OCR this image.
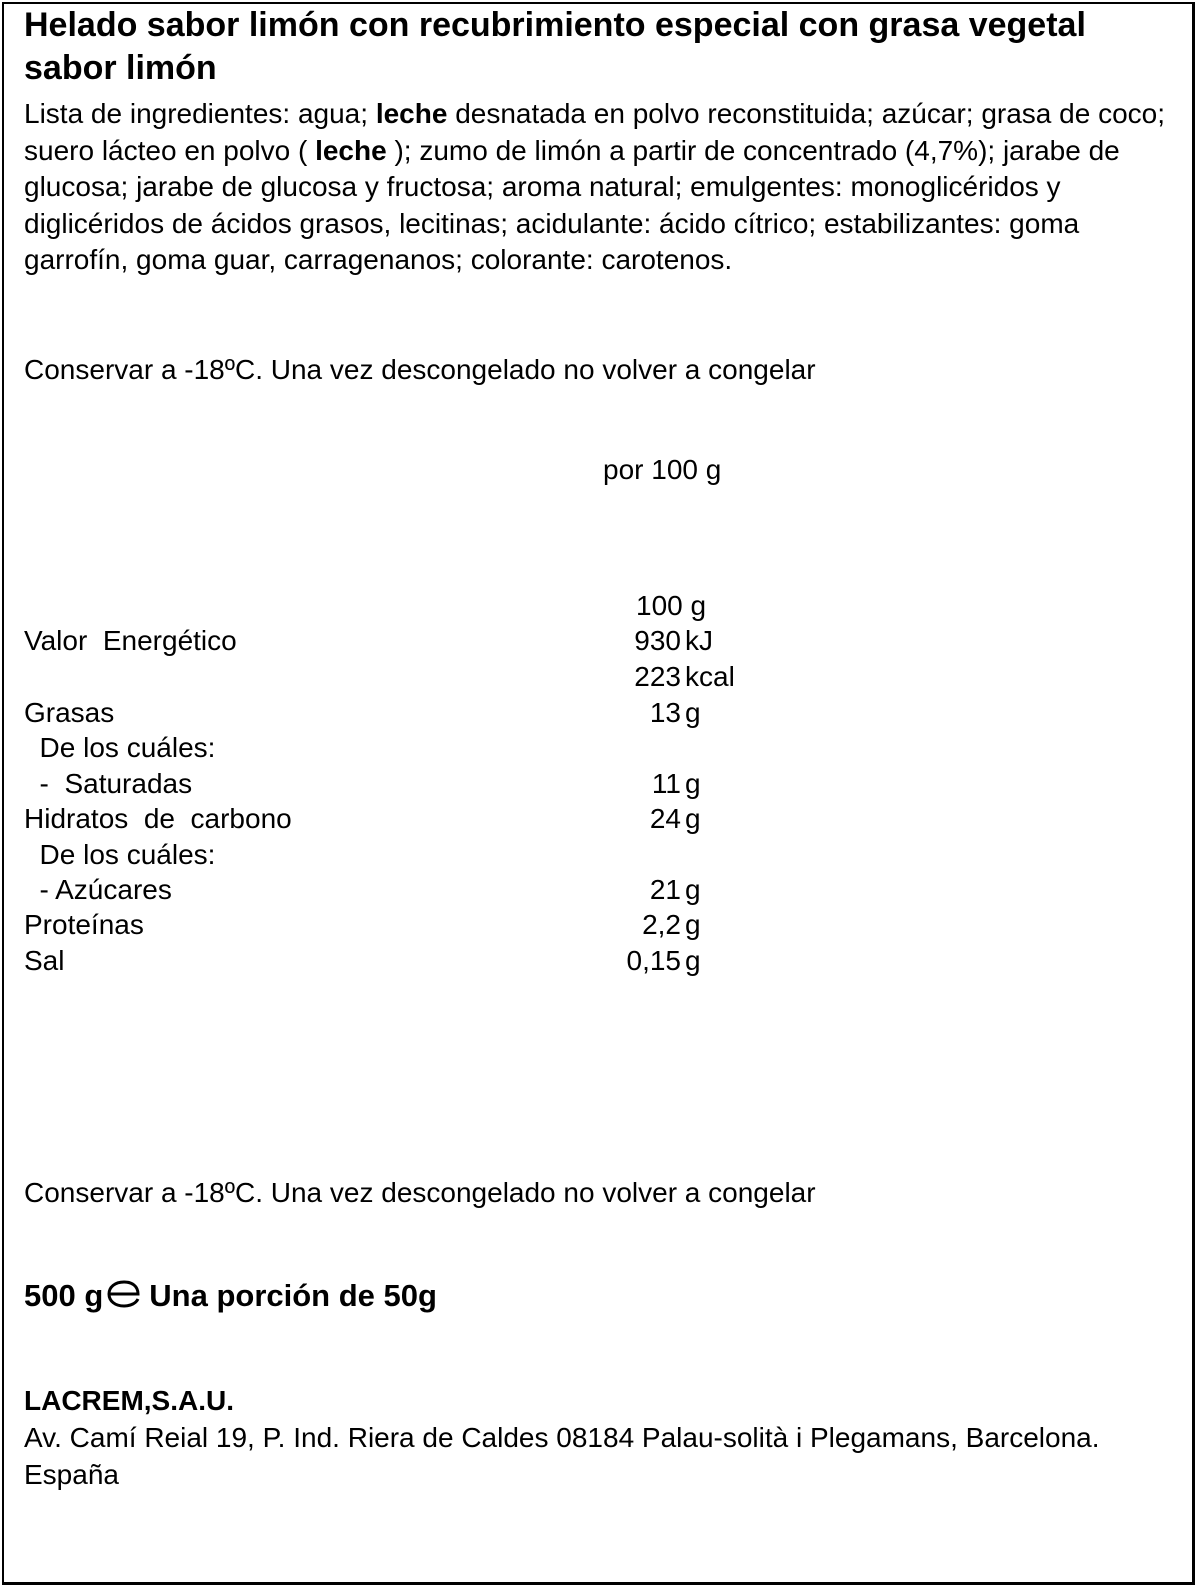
Helado sabor limón con recubrimiento especial con grasa vegetal sabor limón

Lista de ingredientes: agua; leche desnatada en polvo reconstituida; azúcar; grasa de coco; suero lácteo en polvo ( leche ); zumo de limón a partir de concentrado (4,7%); jarabe de glucosa; jarabe de glucosa y fructosa; aroma natural; emulgentes: monoglicéridos y diglicéridos de ácidos grasos, lecitinas; acidulante: ácido cítrico; estabilizantes: goma garrofín, goma guar, carragenanos; colorante: carotenos.

Conservar a -18ºC. Una vez descongelado no volver a congelar
por 100 g
100 g
Valor  Energético	930 kJ
223 kcal
Grasas	13 g
De los cuáles:
-  Saturadas	11 g
Hidratos  de  carbono	24 g
De los cuáles:
- Azúcares	21 g
Proteínas	2,2 g
Sal	0,15 g
Conservar a -18ºC. Una vez descongelado no volver a congelar
500 g Una porción de 50g
LACREM,S.A.U.

Av. Camí Reial 19, P. Ind. Riera de Caldes 08184 Palau-solità i Plegamans, Barcelona.
España
